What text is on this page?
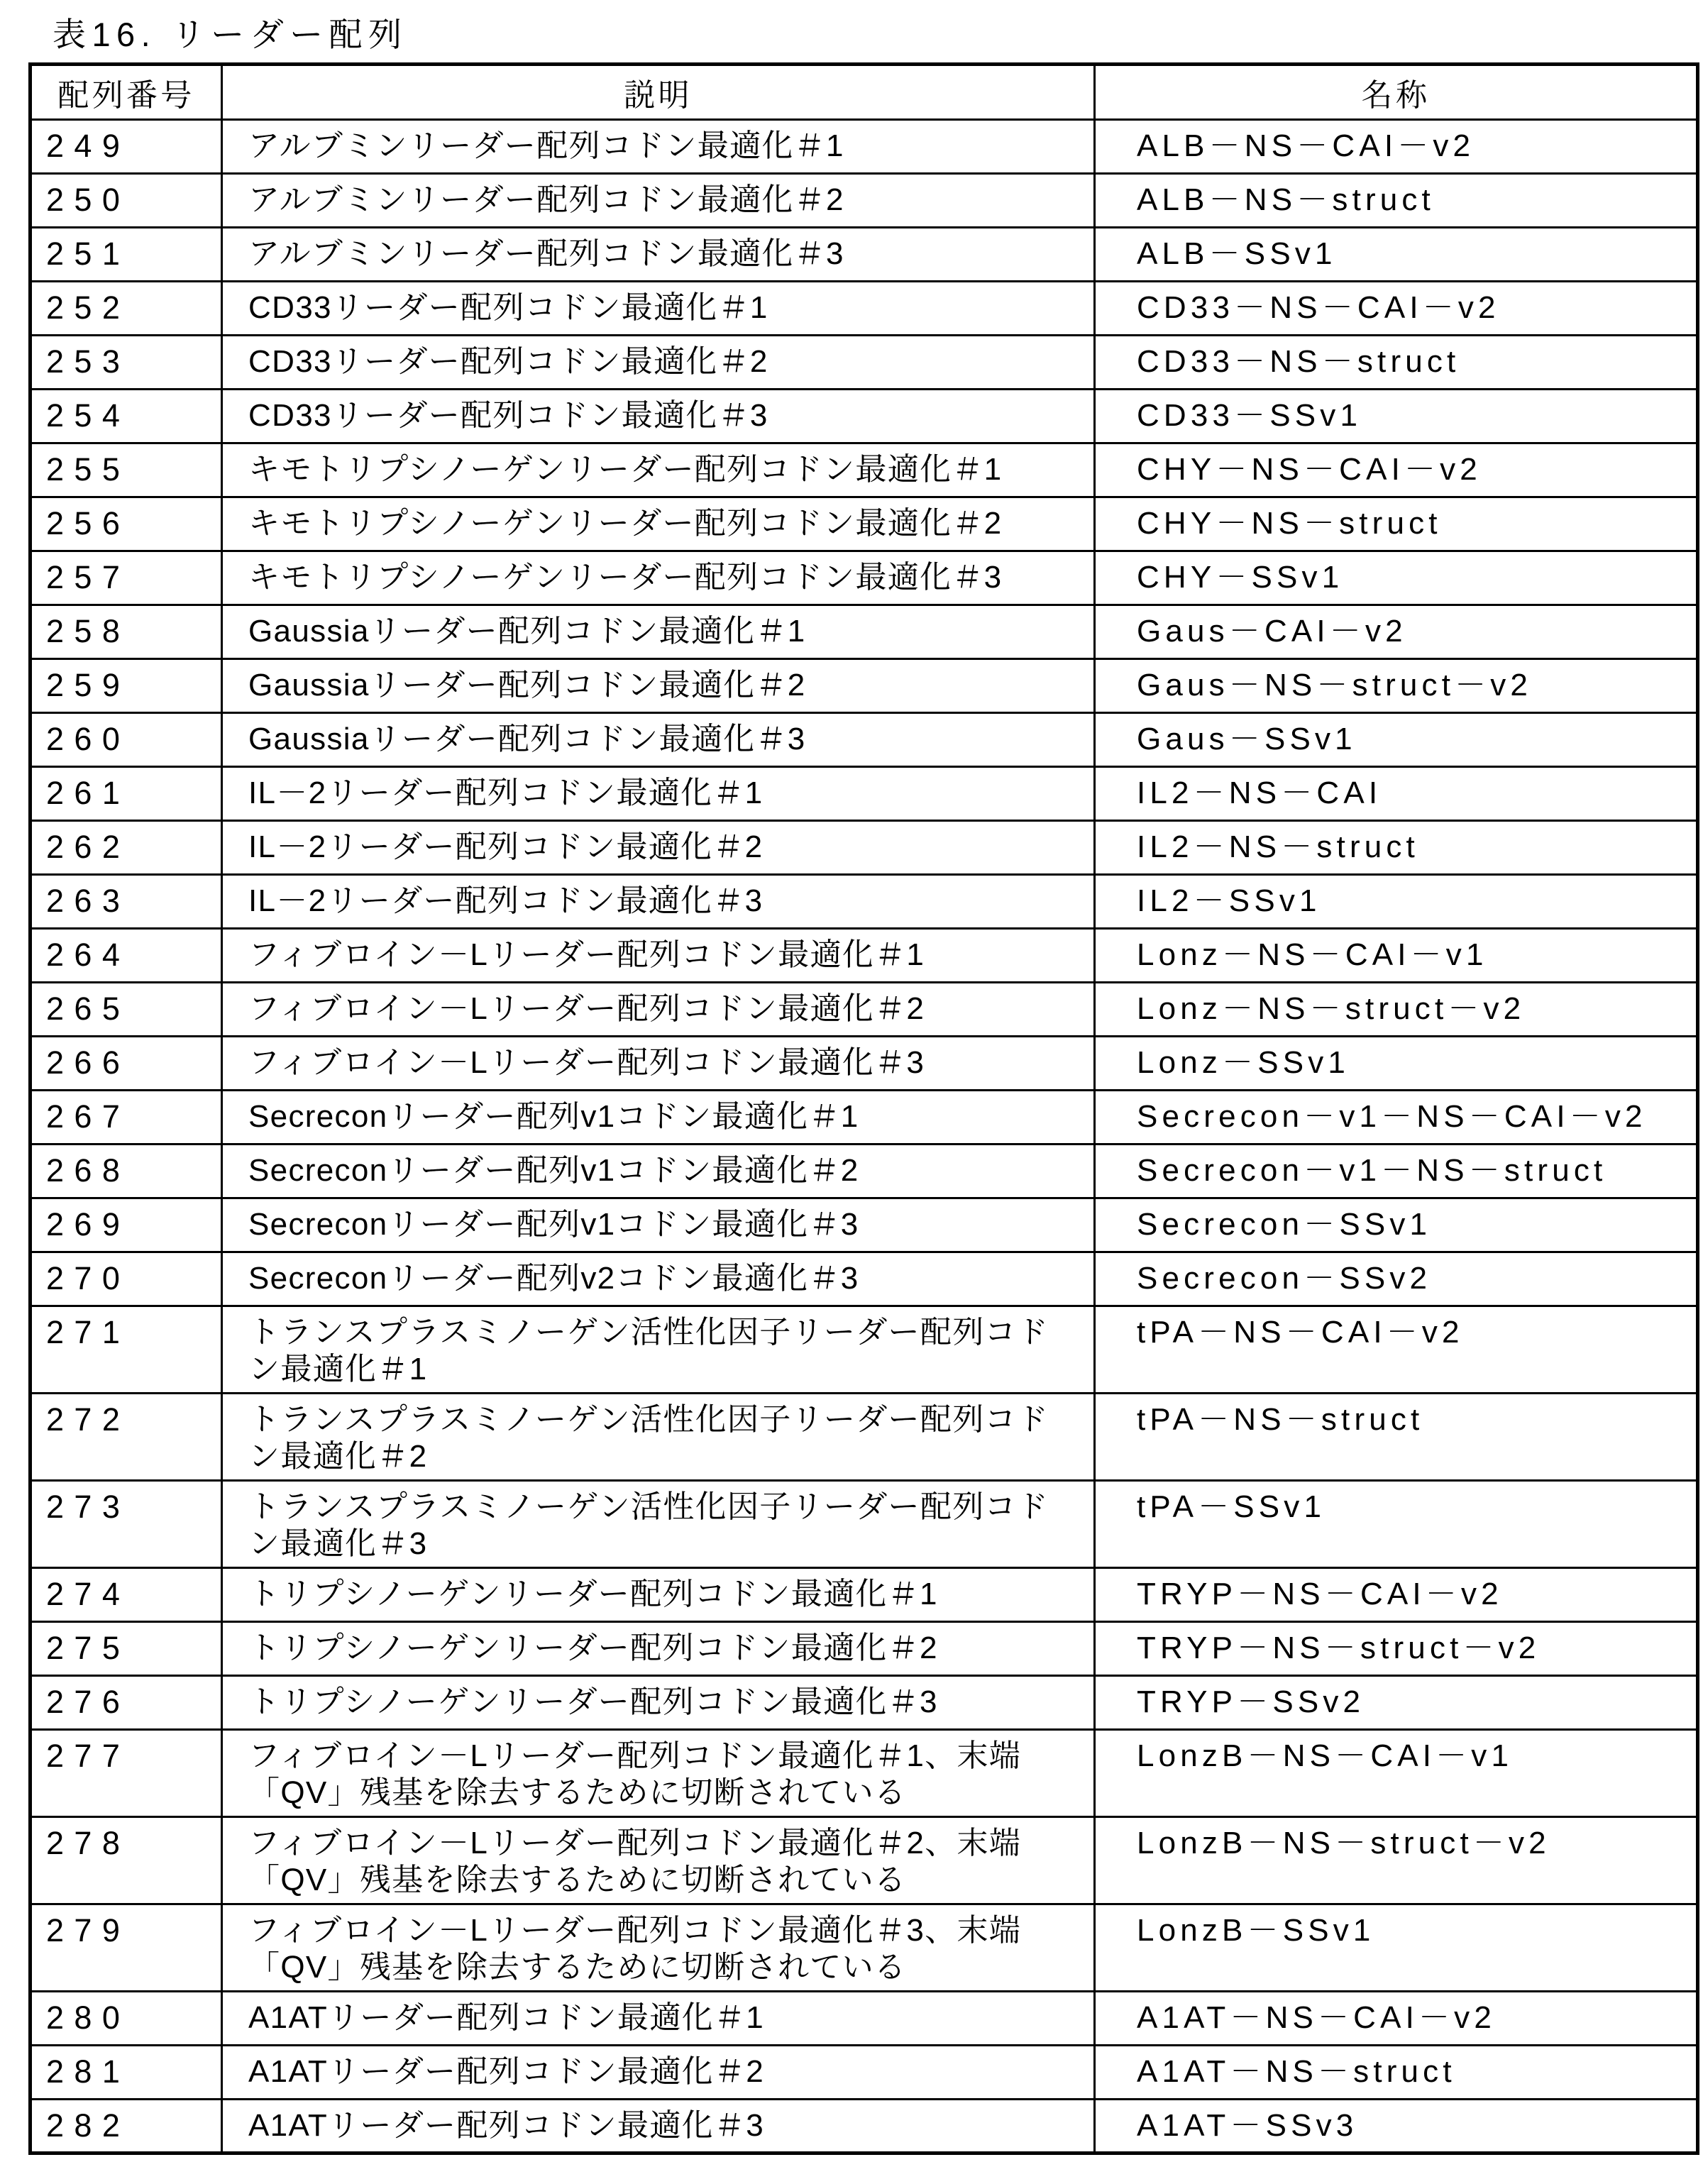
表16. リーダー配列
配列番号	説明	名称
249	アルブミンリーダー配列コドン最適化＃1	ALB－NS－CAI－v2
250	アルブミンリーダー配列コドン最適化＃2	ALB－NS－struct
251	アルブミンリーダー配列コドン最適化＃3	ALB－SSv1
252	CD33リーダー配列コドン最適化＃1	CD33－NS－CAI－v2
253	CD33リーダー配列コドン最適化＃2	CD33－NS－struct
254	CD33リーダー配列コドン最適化＃3	CD33－SSv1
255	キモトリプシノーゲンリーダー配列コドン最適化＃1	CHY－NS－CAI－v2
256	キモトリプシノーゲンリーダー配列コドン最適化＃2	CHY－NS－struct
257	キモトリプシノーゲンリーダー配列コドン最適化＃3	CHY－SSv1
258	Gaussiaリーダー配列コドン最適化＃1	Gaus－CAI－v2
259	Gaussiaリーダー配列コドン最適化＃2	Gaus－NS－struct－v2
260	Gaussiaリーダー配列コドン最適化＃3	Gaus－SSv1
261	IL－2リーダー配列コドン最適化＃1	IL2－NS－CAI
262	IL－2リーダー配列コドン最適化＃2	IL2－NS－struct
263	IL－2リーダー配列コドン最適化＃3	IL2－SSv1
264	フィブロイン－Lリーダー配列コドン最適化＃1	Lonz－NS－CAI－v1
265	フィブロイン－Lリーダー配列コドン最適化＃2	Lonz－NS－struct－v2
266	フィブロイン－Lリーダー配列コドン最適化＃3	Lonz－SSv1
267	Secreconリーダー配列v1コドン最適化＃1	Secrecon－v1－NS－CAI－v2
268	Secreconリーダー配列v1コドン最適化＃2	Secrecon－v1－NS－struct
269	Secreconリーダー配列v1コドン最適化＃3	Secrecon－SSv1
270	Secreconリーダー配列v2コドン最適化＃3	Secrecon－SSv2
271	トランスプラスミノーゲン活性化因子リーダー配列コドン最適化＃1	tPA－NS－CAI－v2
272	トランスプラスミノーゲン活性化因子リーダー配列コドン最適化＃2	tPA－NS－struct
273	トランスプラスミノーゲン活性化因子リーダー配列コドン最適化＃3	tPA－SSv1
274	トリプシノーゲンリーダー配列コドン最適化＃1	TRYP－NS－CAI－v2
275	トリプシノーゲンリーダー配列コドン最適化＃2	TRYP－NS－struct－v2
276	トリプシノーゲンリーダー配列コドン最適化＃3	TRYP－SSv2
277	フィブロイン－Lリーダー配列コドン最適化＃1、末端「QV」残基を除去するために切断されている	LonzB－NS－CAI－v1
278	フィブロイン－Lリーダー配列コドン最適化＃2、末端「QV」残基を除去するために切断されている	LonzB－NS－struct－v2
279	フィブロイン－Lリーダー配列コドン最適化＃3、末端「QV」残基を除去するために切断されている	LonzB－SSv1
280	A1ATリーダー配列コドン最適化＃1	A1AT－NS－CAI－v2
281	A1ATリーダー配列コドン最適化＃2	A1AT－NS－struct
282	A1ATリーダー配列コドン最適化＃3	A1AT－SSv3
